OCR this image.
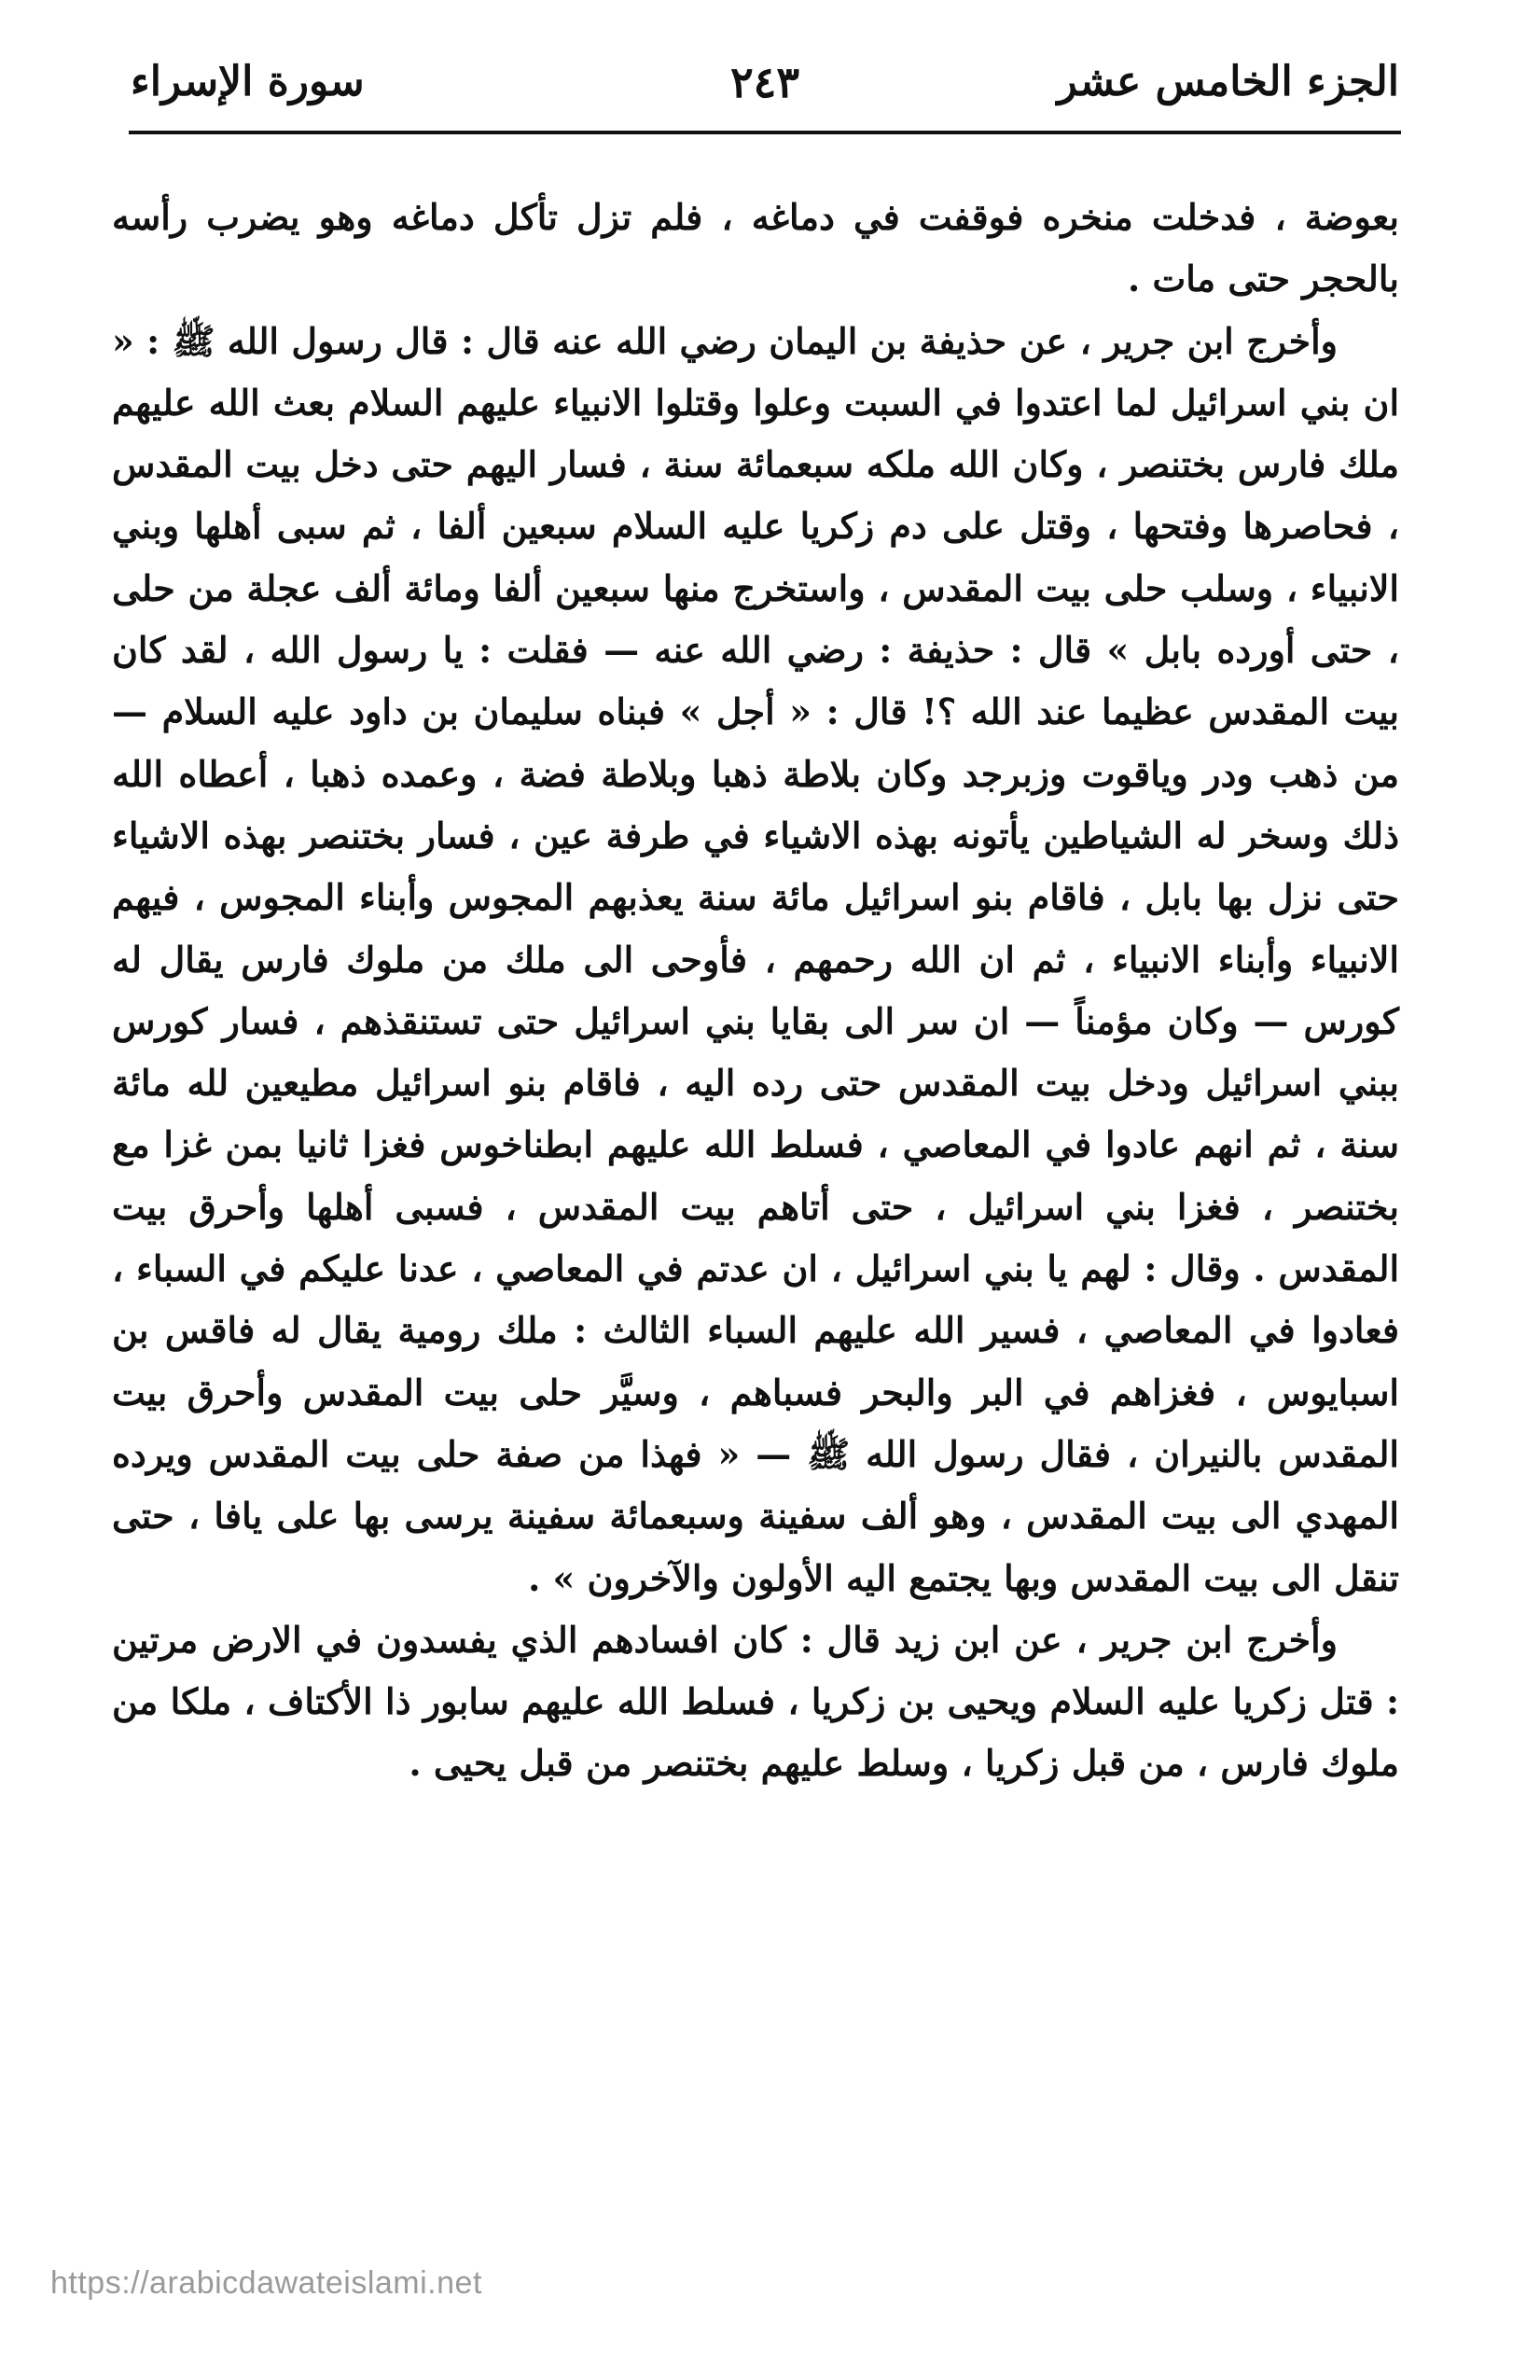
الجزء الخامس عشر
٢٤٣
سورة الإسراء

بعوضة ، فدخلت منخره فوقفت في دماغه ، فلم تزل تأكل دماغه وهو يضرب رأسه بالحجر حتى مات .

وأخرج ابن جرير ، عن حذيفة بن اليمان رضي الله عنه قال : قال رسول الله ﷺ : « ان بني اسرائيل لما اعتدوا في السبت وعلوا وقتلوا الانبياء عليهم السلام بعث الله عليهم ملك فارس بختنصر ، وكان الله ملكه سبعمائة سنة ، فسار اليهم حتى دخل بيت المقدس ، فحاصرها وفتحها ، وقتل على دم زكريا عليه السلام سبعين ألفا ، ثم سبى أهلها وبني الانبياء ، وسلب حلى بيت المقدس ، واستخرج منها سبعين ألفا ومائة ألف عجلة من حلى ، حتى أورده بابل » قال : حذيفة : رضي الله عنه — فقلت : يا رسول الله ، لقد كان بيت المقدس عظيما عند الله ؟! قال : « أجل » فبناه سليمان بن داود عليه السلام — من ذهب ودر وياقوت وزبرجد وكان بلاطة ذهبا وبلاطة فضة ، وعمده ذهبا ، أعطاه الله ذلك وسخر له الشياطين يأتونه بهذه الاشياء في طرفة عين ، فسار بختنصر بهذه الاشياء حتى نزل بها بابل ، فاقام بنو اسرائيل مائة سنة يعذبهم المجوس وأبناء المجوس ، فيهم الانبياء وأبناء الانبياء ، ثم ان الله رحمهم ، فأوحى الى ملك من ملوك فارس يقال له كورس — وكان مؤمناً — ان سر الى بقايا بني اسرائيل حتى تستنقذهم ، فسار كورس ببني اسرائيل ودخل بيت المقدس حتى رده اليه ، فاقام بنو اسرائيل مطيعين لله مائة سنة ، ثم انهم عادوا في المعاصي ، فسلط الله عليهم ابطناخوس فغزا ثانيا بمن غزا مع بختنصر ، فغزا بني اسرائيل ، حتى أتاهم بيت المقدس ، فسبى أهلها وأحرق بيت المقدس . وقال : لهم يا بني اسرائيل ، ان عدتم في المعاصي ، عدنا عليكم في السباء ، فعادوا في المعاصي ، فسير الله عليهم السباء الثالث : ملك رومية يقال له فاقس بن اسبايوس ، فغزاهم في البر والبحر فسباهم ، وسيَّر حلى بيت المقدس وأحرق بيت المقدس بالنيران ، فقال رسول الله ﷺ — « فهذا من صفة حلى بيت المقدس ويرده المهدي الى بيت المقدس ، وهو ألف سفينة وسبعمائة سفينة يرسى بها على يافا ، حتى تنقل الى بيت المقدس وبها يجتمع اليه الأولون والآخرون » .

وأخرج ابن جرير ، عن ابن زيد قال : كان افسادهم الذي يفسدون في الارض مرتين : قتل زكريا عليه السلام ويحيى بن زكريا ، فسلط الله عليهم سابور ذا الأكتاف ، ملكا من ملوك فارس ، من قبل زكريا ، وسلط عليهم بختنصر من قبل يحيى .

https://arabicdawateislami.net
